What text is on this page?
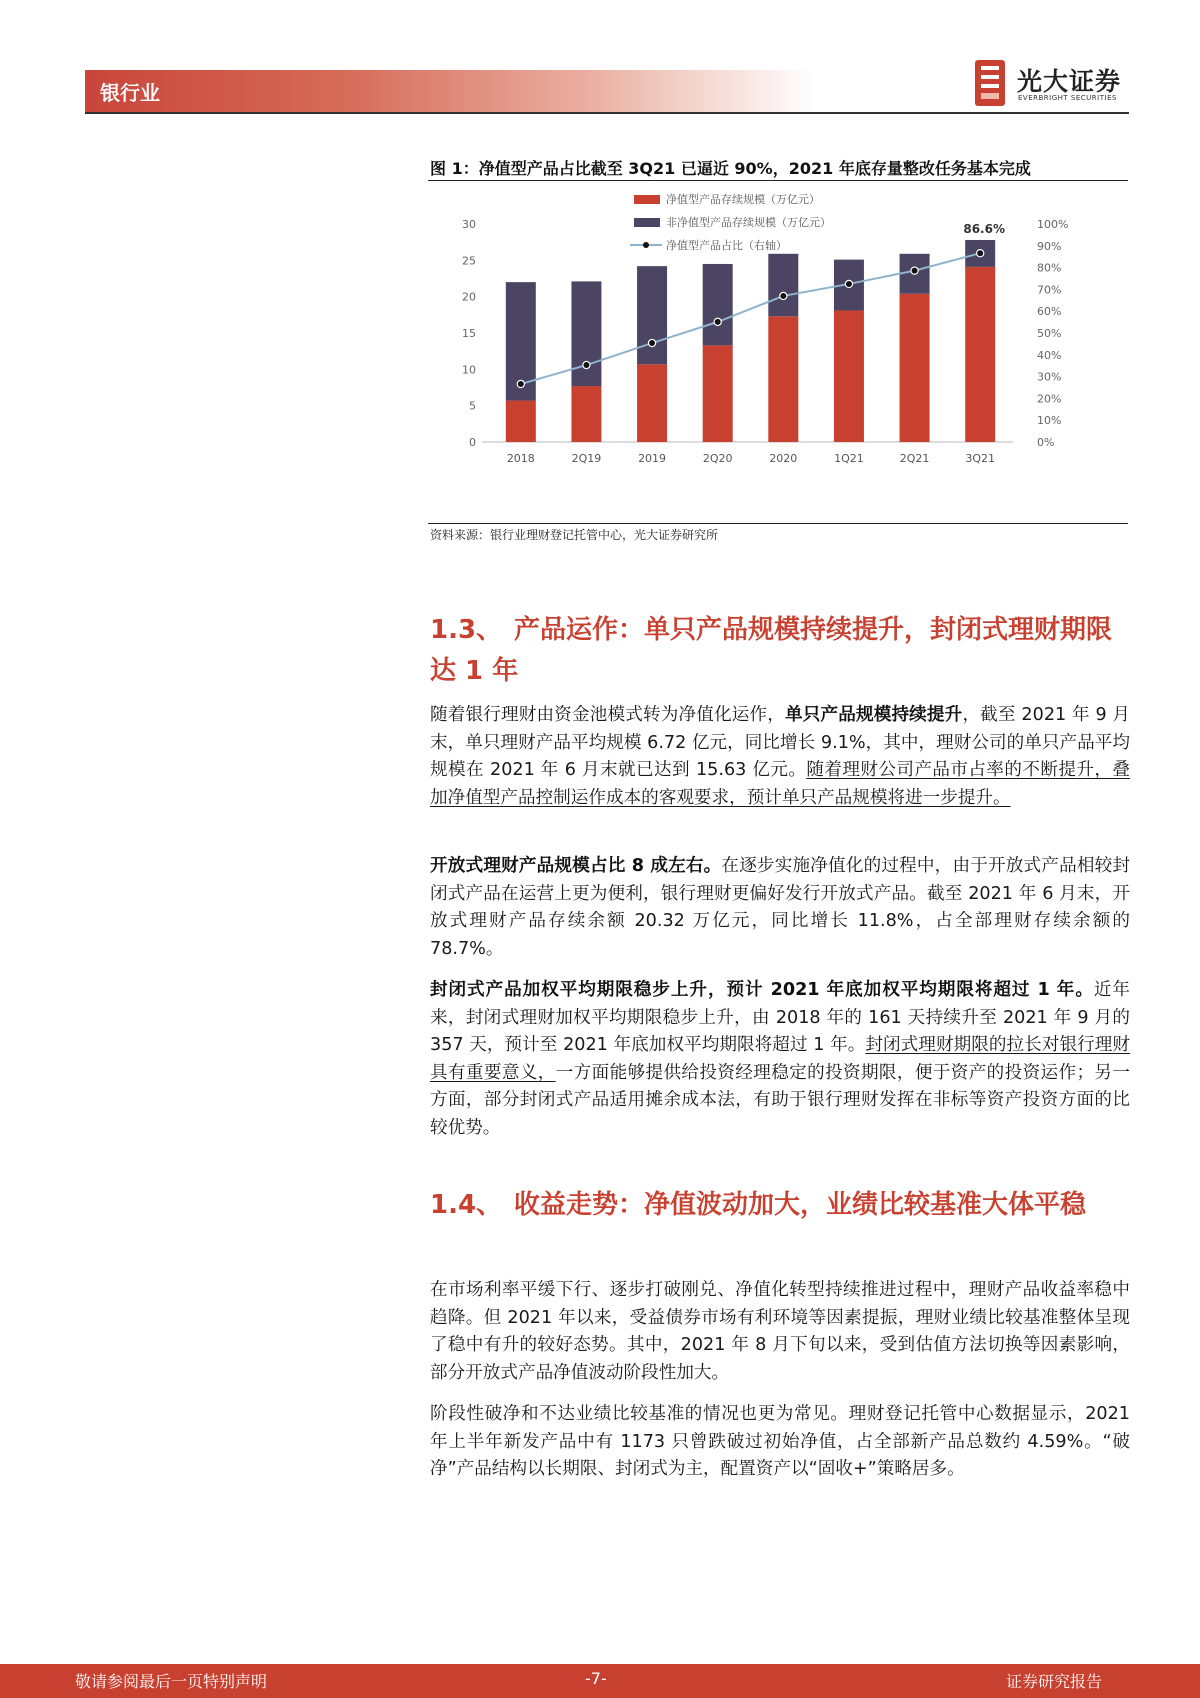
银行业	光大证券
EVERBRIGHT SECURITIES
图 1：净值型产品占比截至 3Q21 已逼近 90%，2021 年底存量整改任务基本完成
0
5
10
15
20
25
30
0%
10%
20%
30%
40%
50%
60%
70%
80%
90%
100%
2018	2Q19	2019	2Q20	2020	1Q21	2Q21	3Q21
86.6%
净值型产品存续规模（万亿元）
非净值型产品存续规模（万亿元）
净值型产品占比（右轴）
资料来源：银行业理财登记托管中心，光大证券研究所
1.3、 产品运作：单只产品规模持续提升，封闭式理财期限达 1 年
随着银行理财由资金池模式转为净值化运作，单只产品规模持续提升，截至 2021 年 9 月末，单只理财产品平均规模 6.72 亿元，同比增长 9.1%，其中，理财公司的单只产品平均规模在 2021 年 6 月末就已达到 15.63 亿元。随着理财公司产品市占率的不断提升，叠加净值型产品控制运作成本的客观要求，预计单只产品规模将进一步提升。
开放式理财产品规模占比 8 成左右。在逐步实施净值化的过程中，由于开放式产品相较封闭式产品在运营上更为便利，银行理财更偏好发行开放式产品。截至 2021 年 6 月末，开放式理财产品存续余额 20.32 万亿元，同比增长 11.8%，占全部理财存续余额的 78.7%。
封闭式产品加权平均期限稳步上升，预计 2021 年底加权平均期限将超过 1 年。近年来，封闭式理财加权平均期限稳步上升，由 2018 年的 161 天持续升至 2021 年 9 月的 357 天，预计至 2021 年底加权平均期限将超过 1 年。封闭式理财期限的拉长对银行理财具有重要意义，一方面能够提供给投资经理稳定的投资期限，便于资产的投资运作；另一方面，部分封闭式产品适用摊余成本法，有助于银行理财发挥在非标等资产投资方面的比较优势。
1.4、 收益走势：净值波动加大，业绩比较基准大体平稳
在市场利率平缓下行、逐步打破刚兑、净值化转型持续推进过程中，理财产品收益率稳中趋降。但 2021 年以来，受益债券市场有利环境等因素提振，理财业绩比较基准整体呈现了稳中有升的较好态势。其中，2021 年 8 月下旬以来，受到估值方法切换等因素影响，部分开放式产品净值波动阶段性加大。
阶段性破净和不达业绩比较基准的情况也更为常见。理财登记托管中心数据显示，2021 年上半年新发产品中有 1173 只曾跌破过初始净值，占全部新产品总数约 4.59%。“破净”产品结构以长期限、封闭式为主，配置资产以“固收+”策略居多。
敬请参阅最后一页特别声明	-7-	证券研究报告
